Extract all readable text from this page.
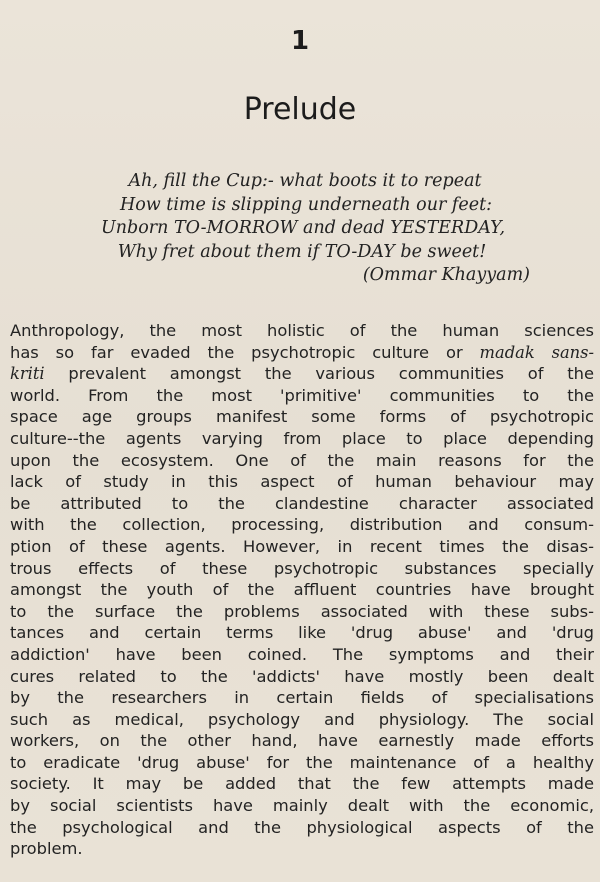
1
Prelude
Ah, fill the Cup:- what boots it to repeat
How time is slipping underneath our feet:
Unborn TO-MORROW and dead YESTERDAY,
Why fret about them if TO-DAY be sweet!
(Ommar Khayyam)
Anthropology, the most holistic of the human sciences
has so far evaded the psychotropic culture or madak sans-
kriti prevalent amongst the various communities of the
world. From the most 'primitive' communities to the
space age groups manifest some forms of psychotropic
culture--the agents varying from place to place depending
upon the ecosystem. One of the main reasons for the
lack of study in this aspect of human behaviour may
be attributed to the clandestine character associated
with the collection, processing, distribution and consum-
ption of these agents. However, in recent times the disas-
trous effects of these psychotropic substances specially
amongst the youth of the affluent countries have brought
to the surface the problems associated with these subs-
tances and certain terms like 'drug abuse' and 'drug
addiction' have been coined. The symptoms and their
cures related to the 'addicts' have mostly been dealt
by the researchers in certain fields of specialisations
such as medical, psychology and physiology. The social
workers, on the other hand, have earnestly made efforts
to eradicate 'drug abuse' for the maintenance of a healthy
society. It may be added that the few attempts made
by social scientists have mainly dealt with the economic,
the psychological and the physiological aspects of the
problem.
